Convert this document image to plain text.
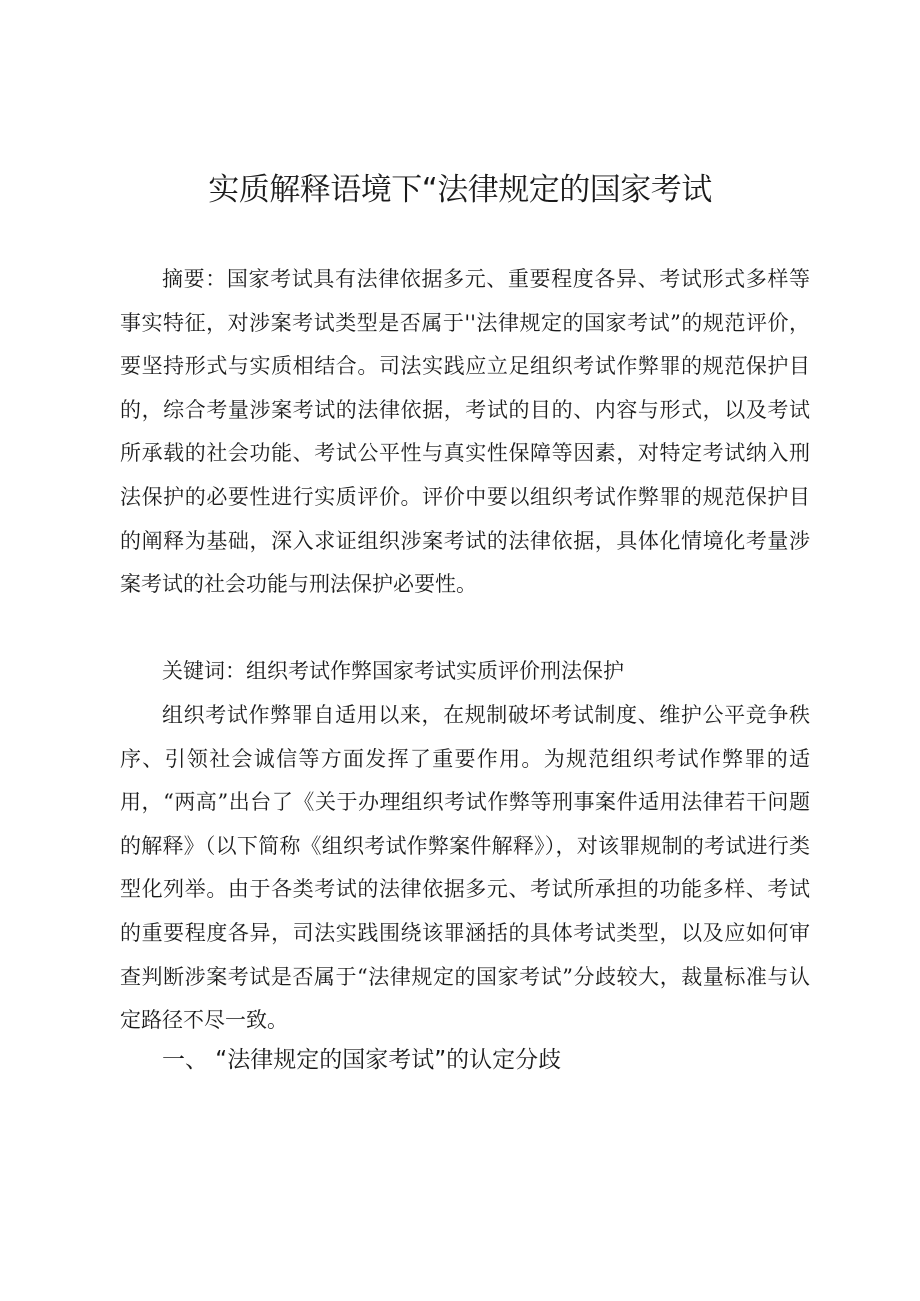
实质解释语境下“法律规定的国家考试

摘要：国家考试具有法律依据多元、重要程度各异、考试形式多样等事实特征，对涉案考试类型是否属于''法律规定的国家考试”的规范评价，要坚持形式与实质相结合。司法实践应立足组织考试作弊罪的规范保护目的，综合考量涉案考试的法律依据，考试的目的、内容与形式，以及考试所承载的社会功能、考试公平性与真实性保障等因素，对特定考试纳入刑法保护的必要性进行实质评价。评价中要以组织考试作弊罪的规范保护目的阐释为基础，深入求证组织涉案考试的法律依据，具体化情境化考量涉案考试的社会功能与刑法保护必要性。

关键词：组织考试作弊国家考试实质评价刑法保护

组织考试作弊罪自适用以来，在规制破坏考试制度、维护公平竞争秩序、引领社会诚信等方面发挥了重要作用。为规范组织考试作弊罪的适用，“两高”出台了《关于办理组织考试作弊等刑事案件适用法律若干问题的解释》（以下简称《组织考试作弊案件解释》），对该罪规制的考试进行类型化列举。由于各类考试的法律依据多元、考试所承担的功能多样、考试的重要程度各异，司法实践围绕该罪涵括的具体考试类型，以及应如何审查判断涉案考试是否属于“法律规定的国家考试”分歧较大，裁量标准与认定路径不尽一致。

一、 “法律规定的国家考试”的认定分歧
